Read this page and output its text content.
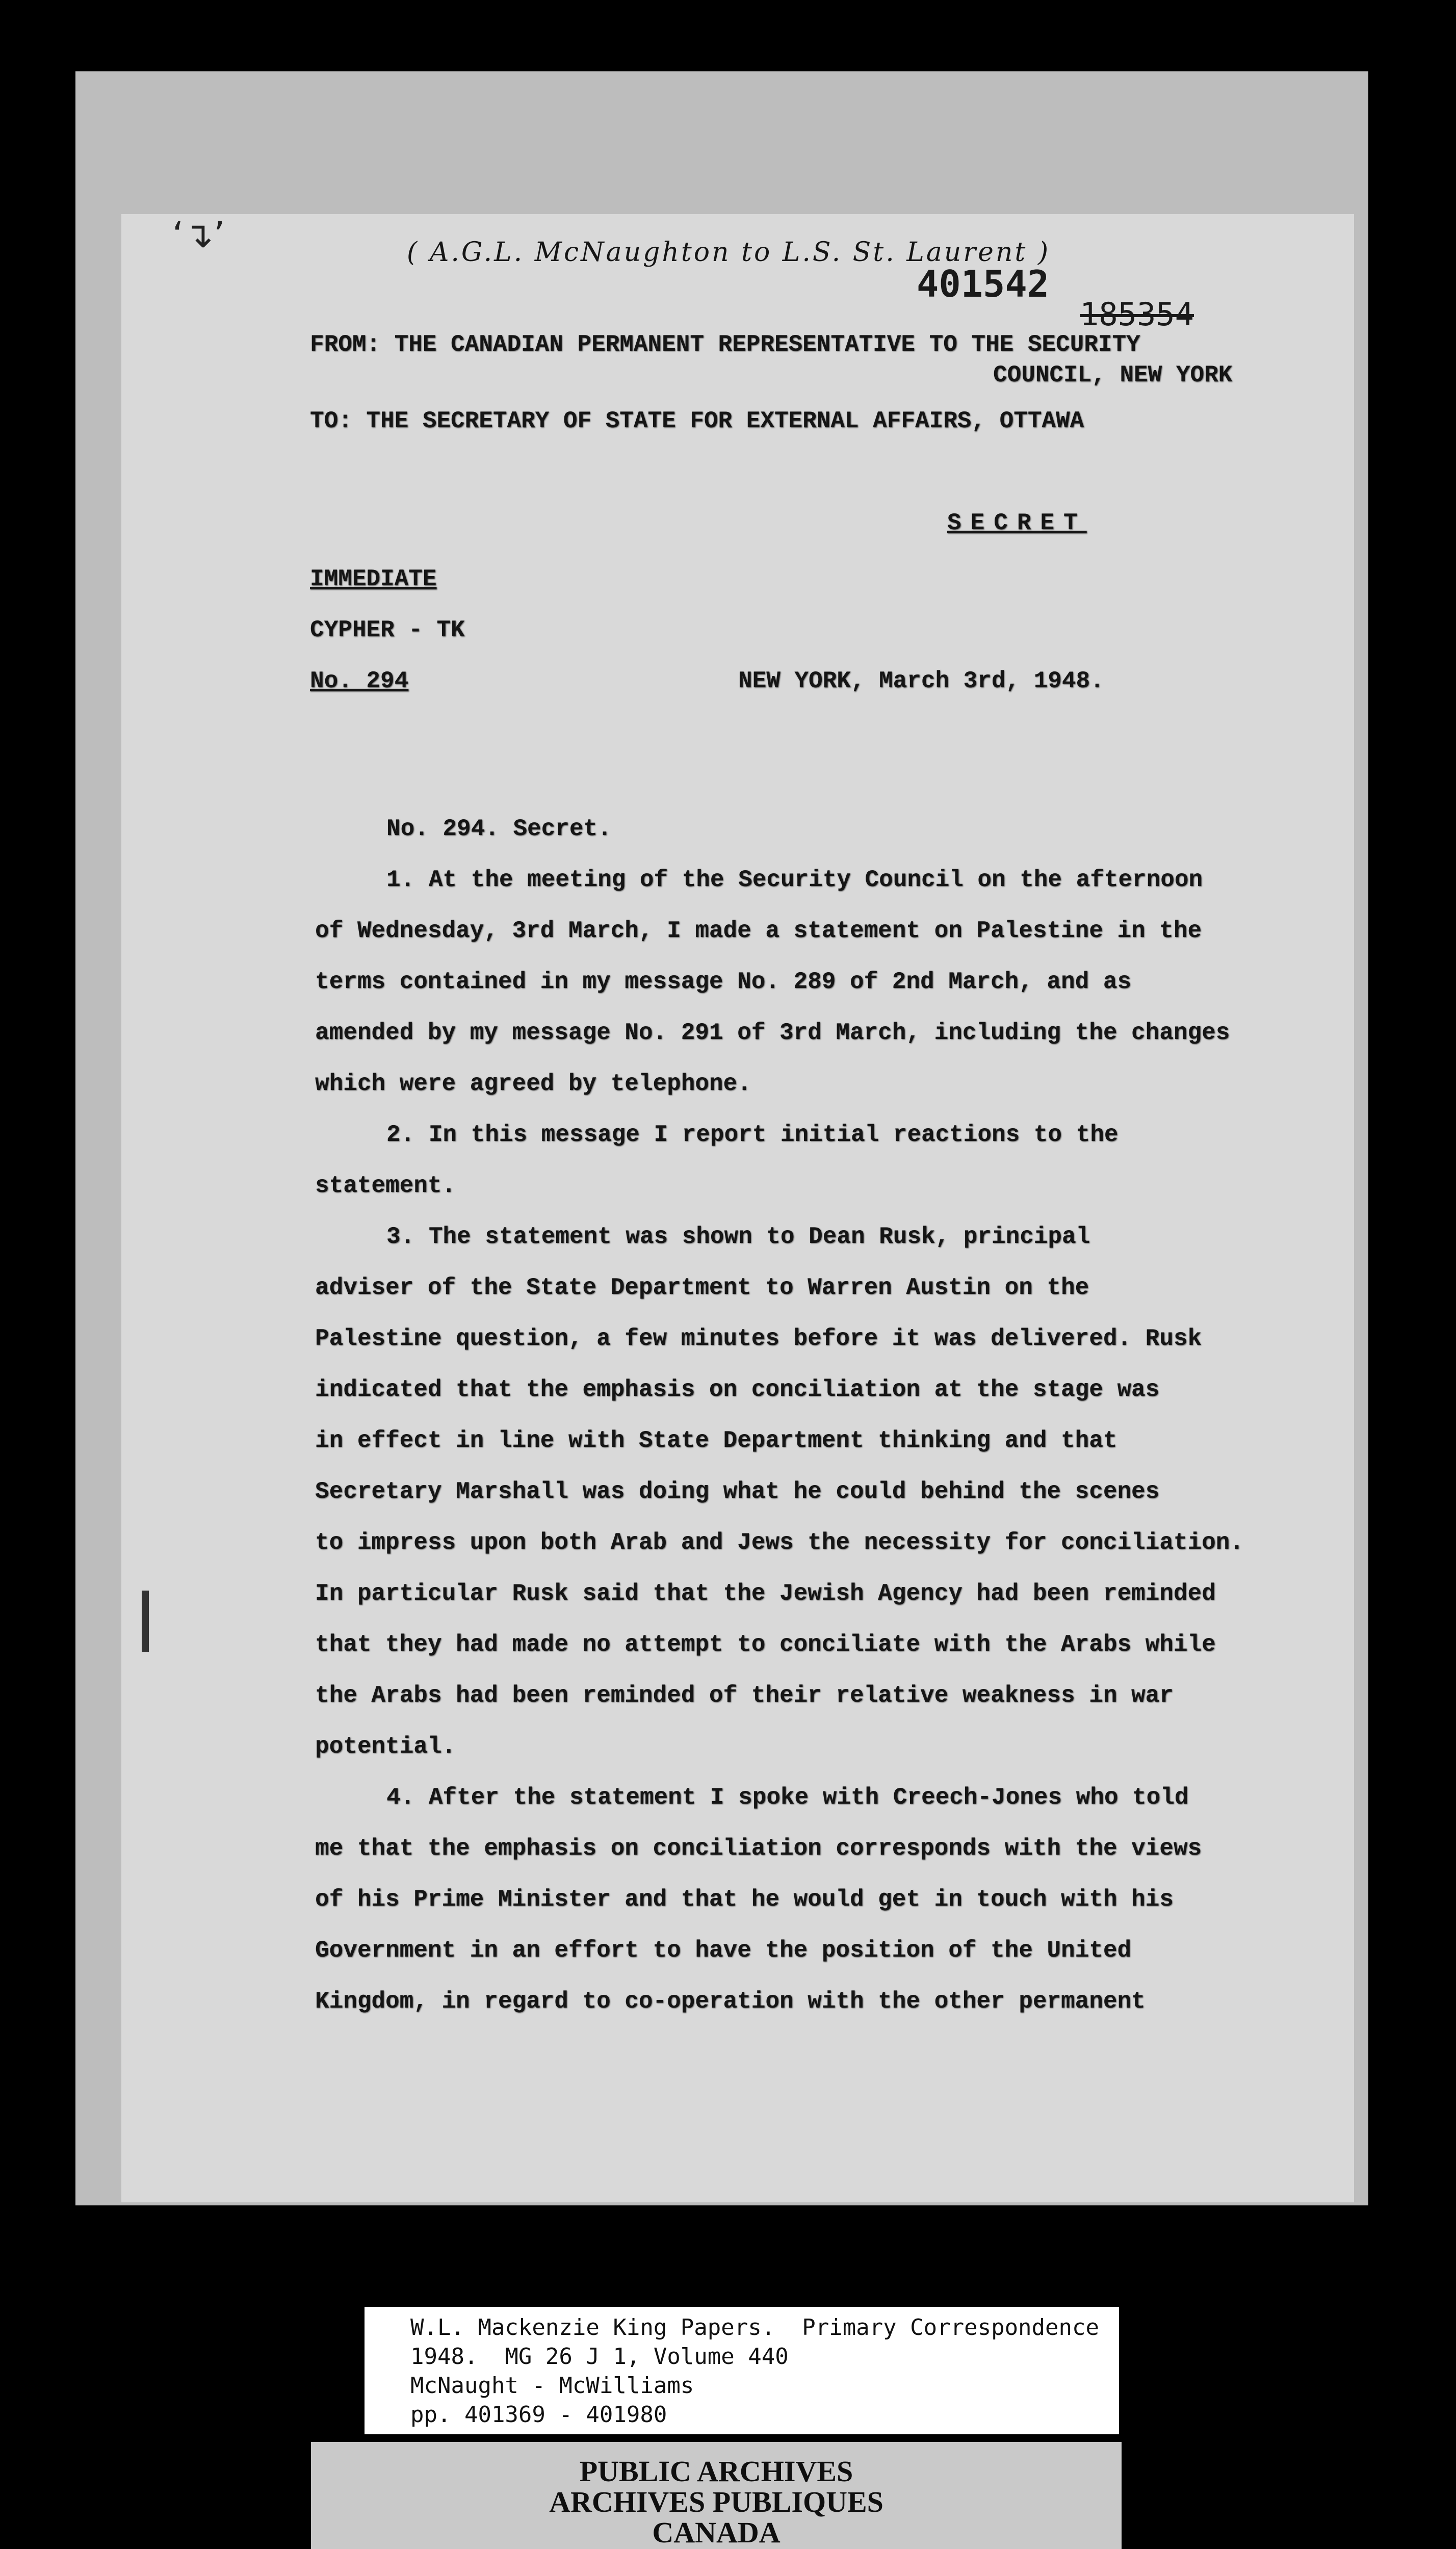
‘↴’	( A.G.L. McNaughton to L.S. St. Laurent )
401542
185354
FROM: THE CANADIAN PERMANENT REPRESENTATIVE TO THE SECURITY
COUNCIL, NEW YORK
TO: THE SECRETARY OF STATE FOR EXTERNAL AFFAIRS, OTTAWA
SECRET
IMMEDIATE
CYPHER - TK
No. 294	NEW YORK, March 3rd, 1948.
No. 294. Secret.
1. At the meeting of the Security Council on the afternoon
of Wednesday, 3rd March, I made a statement on Palestine in the
terms contained in my message No. 289 of 2nd March, and as
amended by my message No. 291 of 3rd March, including the changes
which were agreed by telephone.
2. In this message I report initial reactions to the
statement.
3. The statement was shown to Dean Rusk, principal
adviser of the State Department to Warren Austin on the
Palestine question, a few minutes before it was delivered. Rusk
indicated that the emphasis on conciliation at the stage was
in effect in line with State Department thinking and that
Secretary Marshall was doing what he could behind the scenes
to impress upon both Arab and Jews the necessity for conciliation.
In particular Rusk said that the Jewish Agency had been reminded
that they had made no attempt to conciliate with the Arabs while
the Arabs had been reminded of their relative weakness in war
potential.
4. After the statement I spoke with Creech-Jones who told
me that the emphasis on conciliation corresponds with the views
of his Prime Minister and that he would get in touch with his
Government in an effort to have the position of the United
Kingdom, in regard to co-operation with the other permanent
W.L. Mackenzie King Papers.  Primary Correspondence
1948.  MG 26 J 1, Volume 440
McNaught - McWilliams
pp. 401369 - 401980
PUBLIC ARCHIVES
ARCHIVES PUBLIQUES
CANADA
